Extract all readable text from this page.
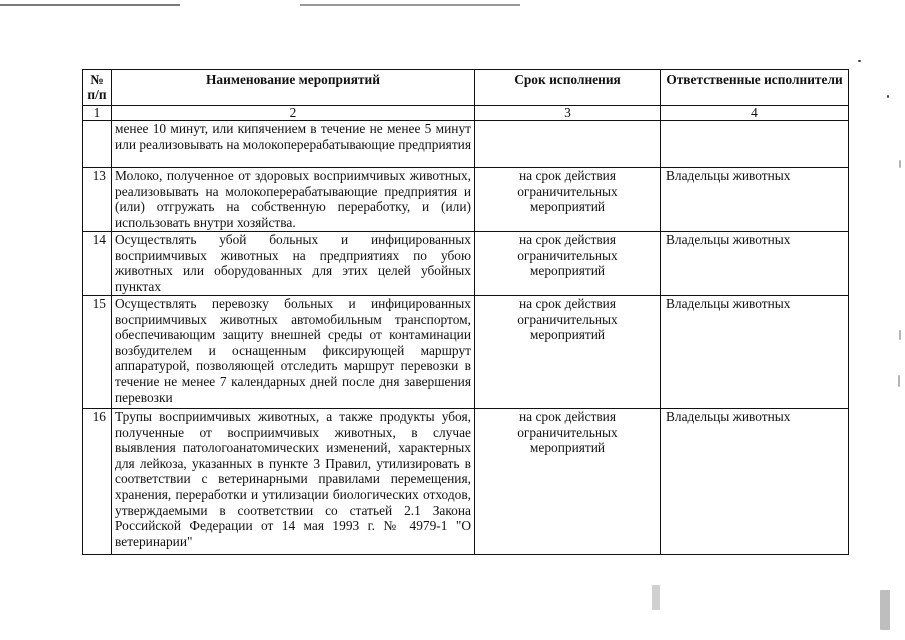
№ п/п	Наименование мероприятий	Срок исполнения	Ответственные исполнители
1	2	3	4
	менее 10 минут, или кипячением в течение не менее 5 минут или реализовывать на молокоперерабатывающие предприятия		
13	Молоко, полученное от здоровых восприимчивых животных, реализовывать на молокоперерабатывающие предприятия и (или) отгружать на собственную переработку, и (или) использовать внутри хозяйства.	на срок действия ограничительных мероприятий	Владельцы животных
14	Осуществлять убой больных и инфицированных восприимчивых животных на предприятиях по убою животных или оборудованных для этих целей убойных пунктах	на срок действия ограничительных мероприятий	Владельцы животных
15	Осуществлять перевозку больных и инфицированных восприимчивых животных автомобильным транспортом, обеспечивающим защиту внешней среды от контаминации возбудителем и оснащенным фиксирующей маршрут аппаратурой, позволяющей отследить маршрут перевозки в течение не менее 7 календарных дней после дня завершения перевозки	на срок действия ограничительных мероприятий	Владельцы животных
16	Трупы восприимчивых животных, а также продукты убоя, полученные от восприимчивых животных, в случае выявления патологоанатомических изменений, характерных для лейкоза, указанных в пункте 3 Правил, утилизировать в соответствии с ветеринарными правилами перемещения, хранения, переработки и утилизации биологических отходов, утверждаемыми в соответствии со статьей 2.1 Закона Российской Федерации от 14 мая 1993 г. № 4979-1 "О ветеринарии"	на срок действия ограничительных мероприятий	Владельцы животных
